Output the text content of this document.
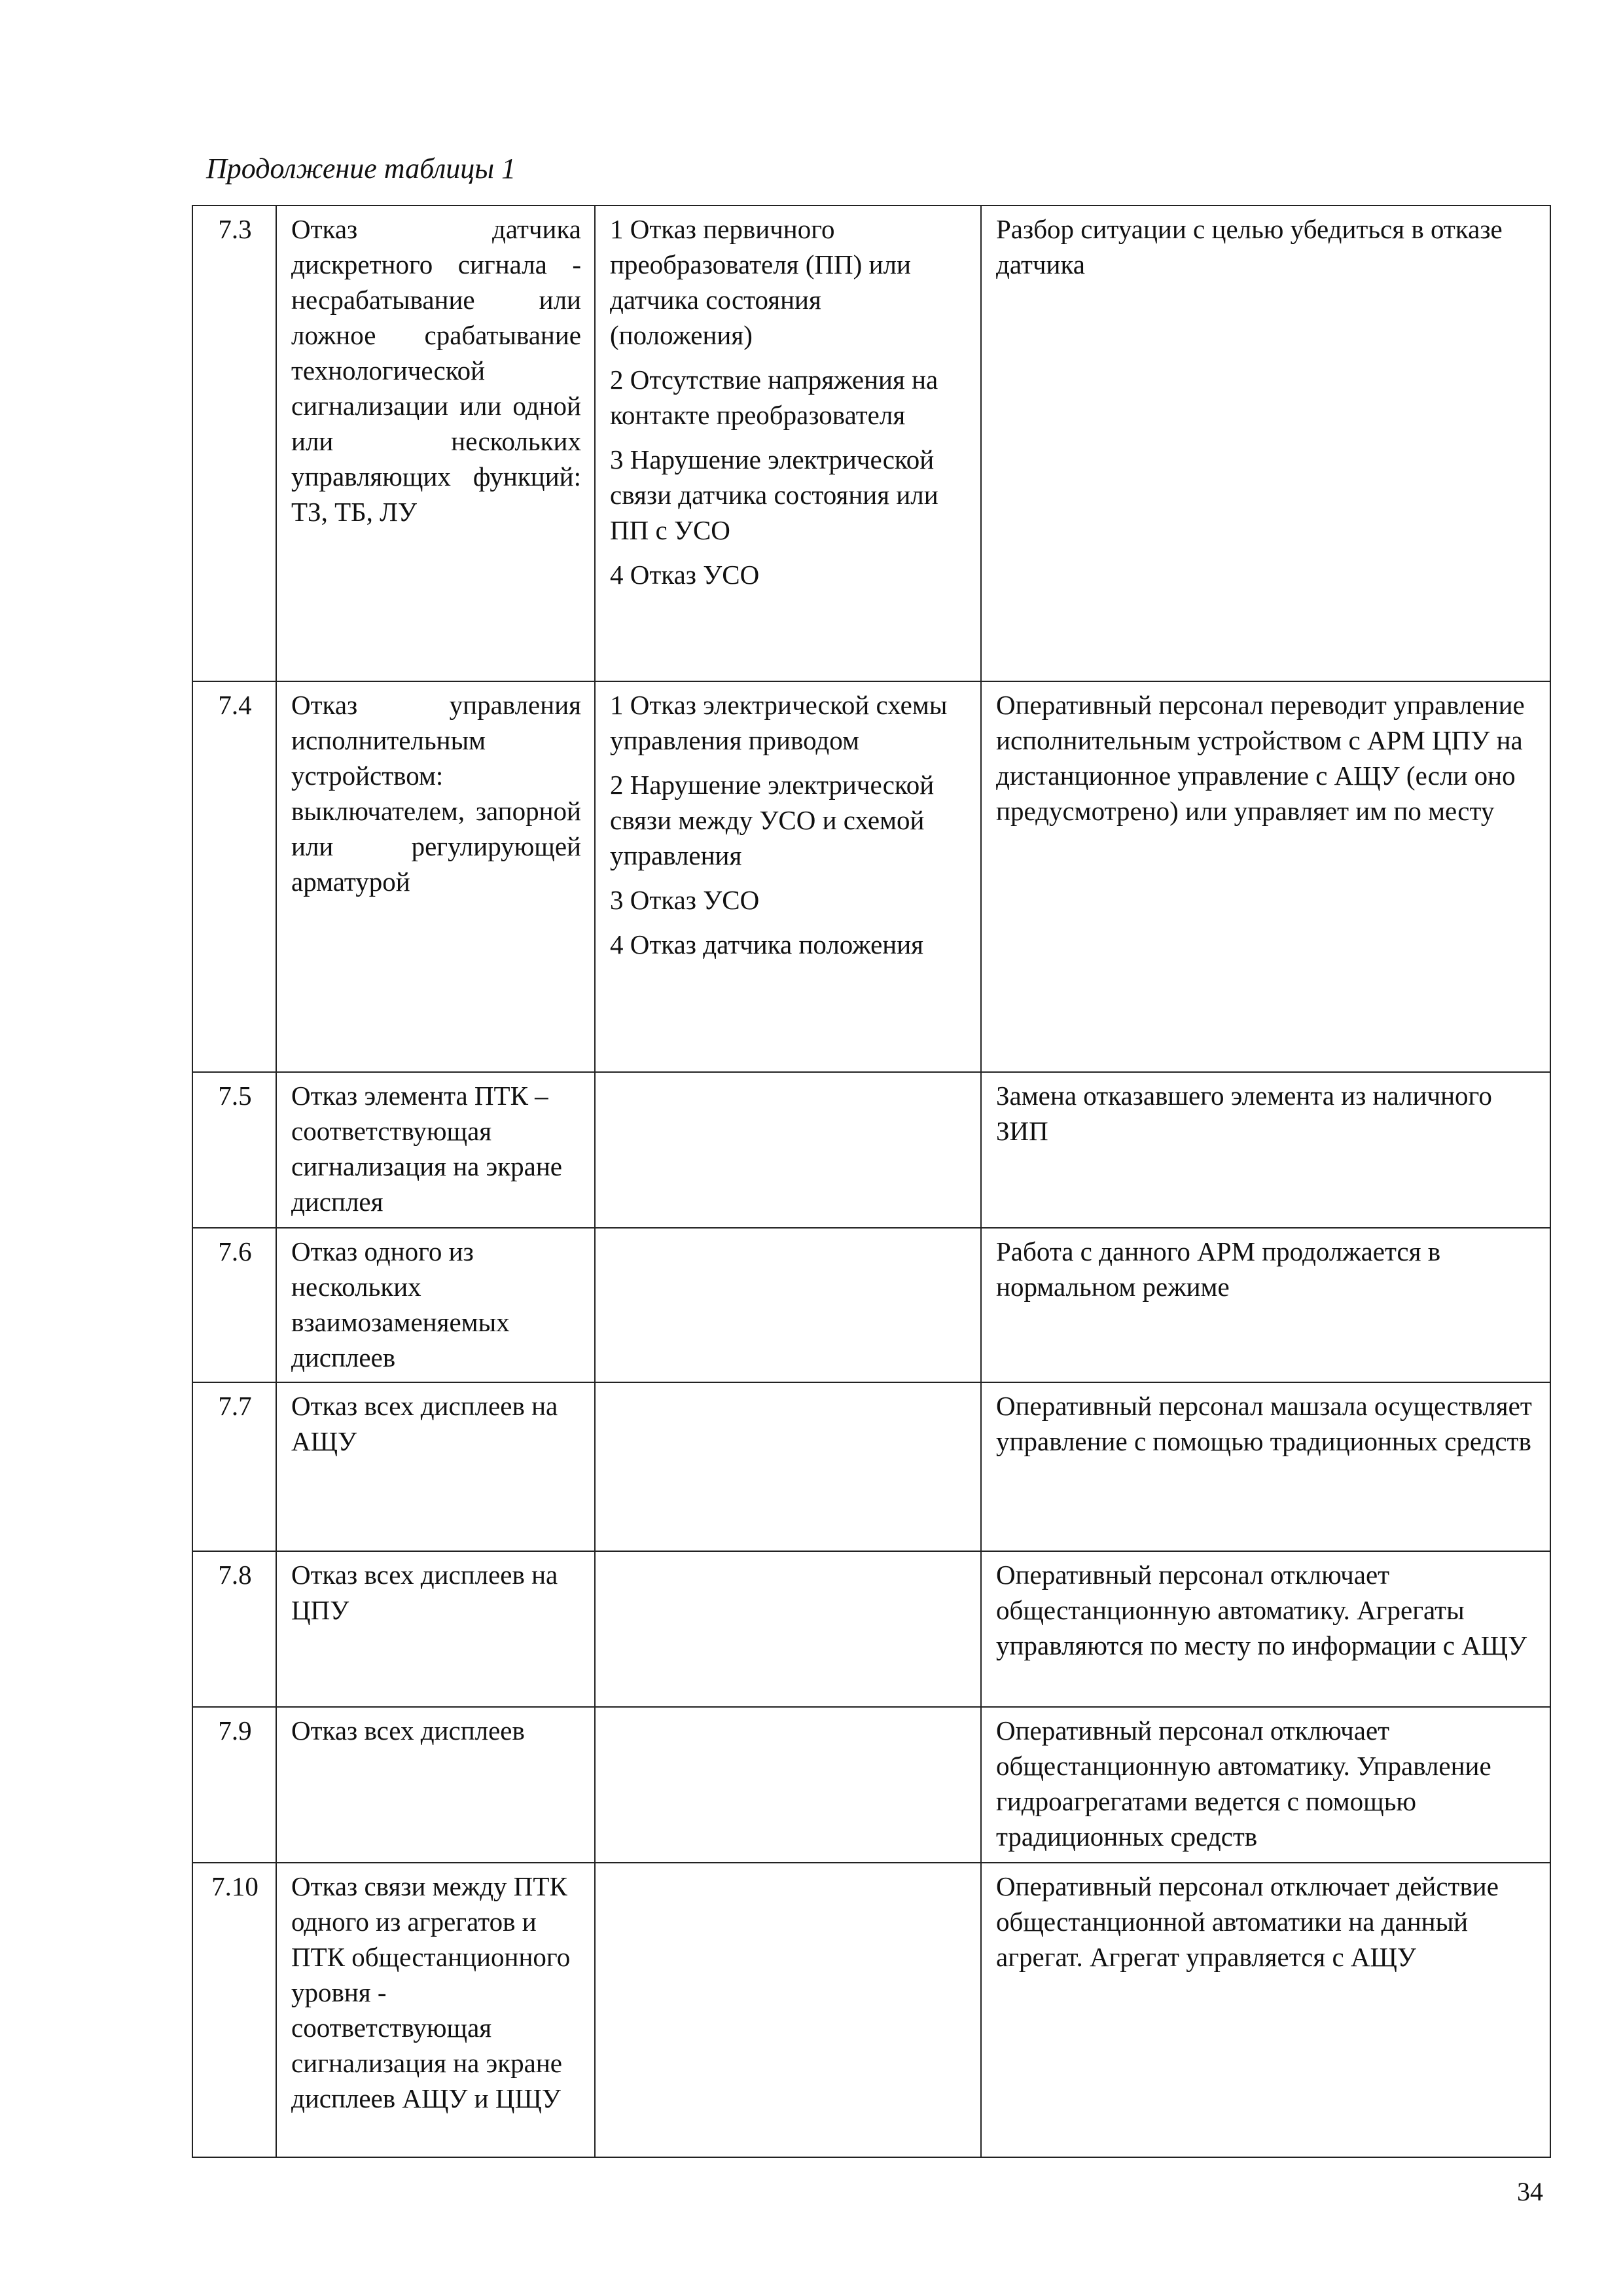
Продолжение таблицы 1
7.3	Отказ датчика дискретного сигнала - несрабатывание или ложное срабатывание технологической сигнализации или одной или нескольких управляющих функций: ТЗ, ТБ, ЛУ	1 Отказ первичного преобразователя (ПП) или датчика состояния (положения)
2 Отсутствие напряжения на контакте преобразователя
3 Нарушение электрической связи датчика состояния или ПП с УСО
4 Отказ УСО	Разбор ситуации с целью убедиться в отказе датчика
7.4	Отказ управления исполнительным устройством: выключателем, запорной или регулирующей арматурой	1 Отказ электрической схемы управления приводом
2 Нарушение электрической связи между УСО и схемой управления
3 Отказ УСО
4 Отказ датчика положения	Оперативный персонал переводит управление исполнительным устройством с АРМ ЦПУ на дистанционное управление с АЩУ (если оно предусмотрено) или управляет им по месту
7.5	Отказ элемента ПТК – соответствующая сигнализация на экране дисплея		Замена отказавшего элемента из наличного ЗИП
7.6	Отказ одного из нескольких взаимозаменяемых дисплеев		Работа с данного АРМ продолжается в нормальном режиме
7.7	Отказ всех дисплеев на АЩУ		Оперативный персонал машзала осуществляет управление с помощью традиционных средств
7.8	Отказ всех дисплеев на ЦПУ		Оперативный персонал отключает общестанционную автоматику. Агрегаты управляются по месту по информации с АЩУ
7.9	Отказ всех дисплеев		Оперативный персонал отключает общестанционную автоматику. Управление гидроагрегатами ведется с помощью традиционных средств
7.10	Отказ связи между ПТК одного из агрегатов и ПТК общестанционного уровня - соответствующая сигнализация на экране дисплеев АЩУ и ЦЩУ		Оперативный персонал отключает действие общестанционной автоматики на данный агрегат. Агрегат управляется с АЩУ
34
